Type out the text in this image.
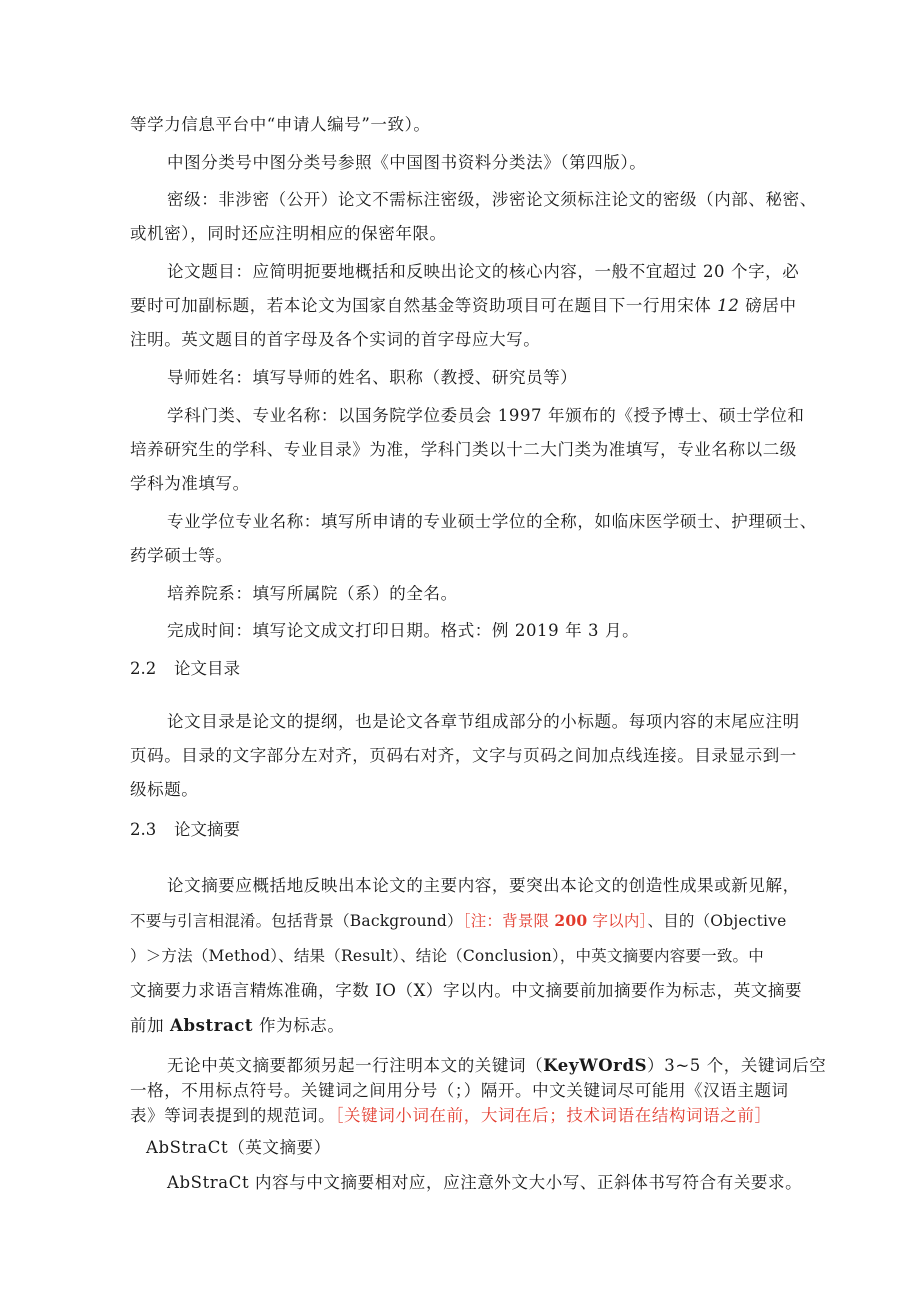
等学力信息平台中“申请人编号”一致）。
中图分类号中图分类号参照《中国图书资料分类法》（第四版）。
密级：非涉密（公开）论文不需标注密级，涉密论文须标注论文的密级（内部、秘密、
或机密），同时还应注明相应的保密年限。
论文题目：应简明扼要地概括和反映出论文的核心内容，一般不宜超过 20 个字，必
要时可加副标题，若本论文为国家自然基金等资助项目可在题目下一行用宋体 12 磅居中
注明。英文题目的首字母及各个实词的首字母应大写。
导师姓名：填写导师的姓名、职称（教授、研究员等）
学科门类、专业名称：以国务院学位委员会 1997 年颁布的《授予博士、硕士学位和
培养研究生的学科、专业目录》为准，学科门类以十二大门类为准填写，专业名称以二级
学科为准填写。
专业学位专业名称：填写所申请的专业硕士学位的全称，如临床医学硕士、护理硕士、
药学硕士等。
培养院系：填写所属院（系）的全名。
完成时间：填写论文成文打印日期。格式：例 2019 年 3 月。
2.2 论文目录
论文目录是论文的提纲，也是论文各章节组成部分的小标题。每项内容的末尾应注明
页码。目录的文字部分左对齐，页码右对齐，文字与页码之间加点线连接。目录显示到一
级标题。
2.3 论文摘要
论文摘要应概括地反映出本论文的主要内容，要突出本论文的创造性成果或新见解，
不要与引言相混淆。包括背景（Background）［注：背景限 200 字以内］、目的（Objective
）＞方法（Method）、结果（Result）、结论（Conclusion），中英文摘要内容要一致。中
文摘要力求语言精炼准确，字数 IO（X）字以内。中文摘要前加摘要作为标志，英文摘要
前加 Abstract 作为标志。
无论中英文摘要都须另起一行注明本文的关键词（KeyWOrdS）3~5 个，关键词后空
一格，不用标点符号。关键词之间用分号（；）隔开。中文关键词尽可能用《汉语主题词
表》等词表提到的规范词。［关键词小词在前，大词在后；技术词语在结构词语之前］
AbStraCt（英文摘要）
AbStraCt 内容与中文摘要相对应，应注意外文大小写、正斜体书写符合有关要求。
